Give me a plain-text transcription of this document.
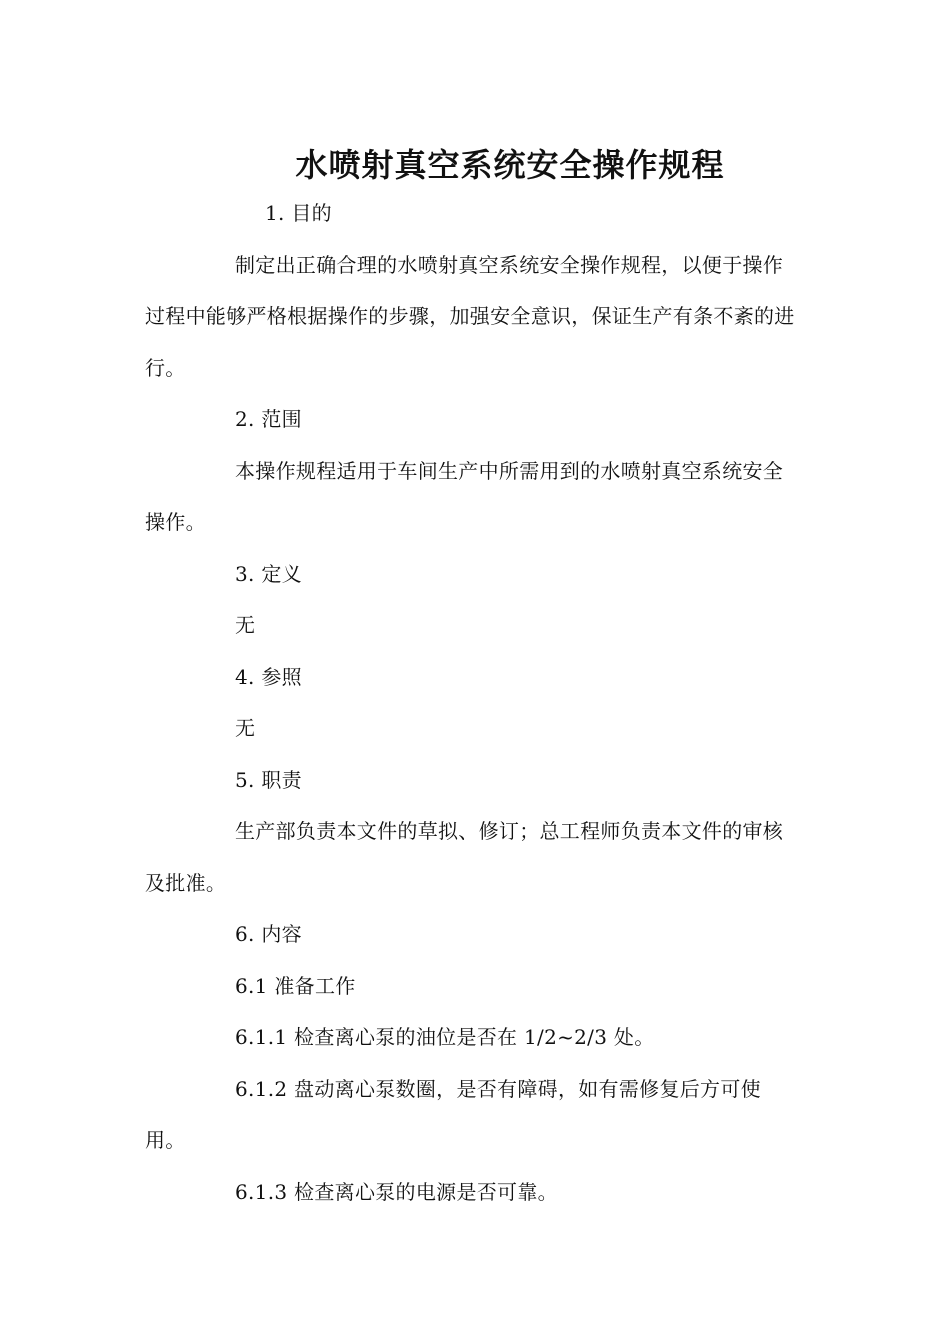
水喷射真空系统安全操作规程

1. 目的

制定出正确合理的水喷射真空系统安全操作规程，以便于操作过程中能够严格根据操作的步骤，加强安全意识，保证生产有条不紊的进行。

2. 范围

本操作规程适用于车间生产中所需用到的水喷射真空系统安全操作。

3. 定义

无

4. 参照

无

5. 职责

生产部负责本文件的草拟、修订；总工程师负责本文件的审核及批准。

6. 内容

6.1 准备工作

6.1.1 检查离心泵的油位是否在 1/2~2/3 处。

6.1.2 盘动离心泵数圈，是否有障碍，如有需修复后方可使用。

6.1.3 检查离心泵的电源是否可靠。
